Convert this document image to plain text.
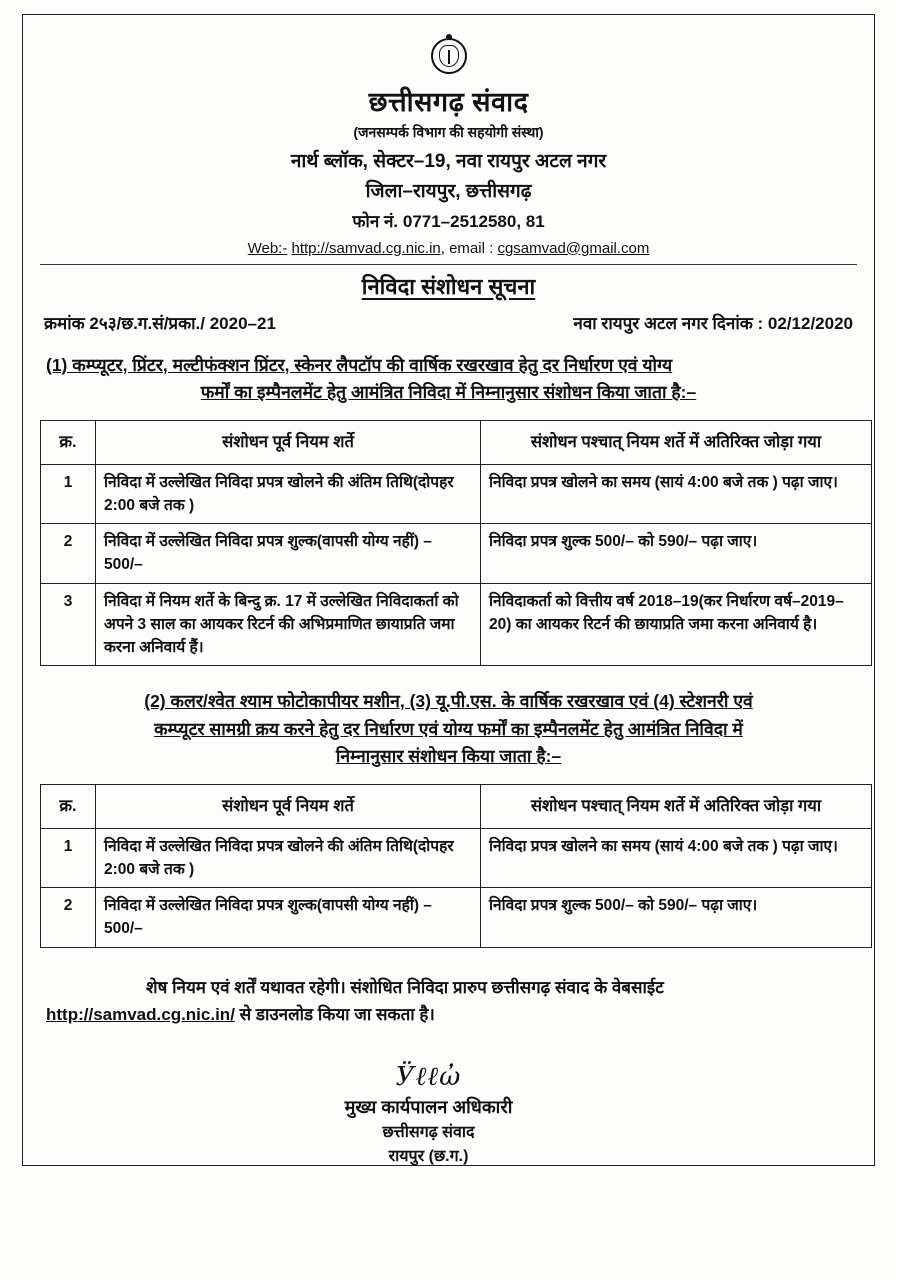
छत्तीसगढ़ संवाद
(जनसम्पर्क विभाग की सहयोगी संस्था)
नार्थ ब्लॉक, सेक्टर–19, नवा रायपुर अटल नगर
जिला–रायपुर, छत्तीसगढ़
फोन नं. 0771–2512580, 81
Web:- http://samvad.cg.nic.in, email : cgsamvad@gmail.com
निविदा संशोधन सूचना
क्रमांक 2५३/छ.ग.सं/प्रका./ 2020–21	नवा रायपुर अटल नगर दिनांक : 02/12/2020
(1) कम्प्यूटर, प्रिंटर, मल्टीफंक्शन प्रिंटर, स्केनर लैपटॉप की वार्षिक रखरखाव हेतु दर निर्धारण एवं योग्य
फर्मों का इम्पैनलमेंट हेतु आमंत्रित निविदा में निम्नानुसार संशोधन किया जाता है:–
क्र.	संशोधन पूर्व नियम शर्ते	संशोधन पश्चात् नियम शर्ते में अतिरिक्त जोड़ा गया
1	निविदा में उल्लेखित निविदा प्रपत्र खोलने की अंतिम तिथि(दोपहर 2:00 बजे तक )	निविदा प्रपत्र खोलने का समय (सायं 4:00 बजे तक ) पढ़ा जाए।
2	निविदा में उल्लेखित निविदा प्रपत्र शुल्क(वापसी योग्य नहीं) – 500/–	निविदा प्रपत्र शुल्क 500/– को 590/– पढ़ा जाए।
3	निविदा में नियम शर्ते के बिन्दु क्र. 17 में उल्लेखित निविदाकर्ता को अपने 3 साल का आयकर रिटर्न की अभिप्रमाणित छायाप्रति जमा करना अनिवार्य हैं।	निविदाकर्ता को वित्तीय वर्ष 2018–19(कर निर्धारण वर्ष–2019–20) का आयकर रिटर्न की छायाप्रति जमा करना अनिवार्य है।
(2) कलर/श्वेत श्याम फोटोकापीयर मशीन, (3) यू.पी.एस. के वार्षिक रखरखाव एवं (4) स्टेशनरी एवं
कम्प्यूटर सामग्री क्रय करने हेतु दर निर्धारण एवं योग्य फर्मों का इम्पैनलमेंट हेतु आमंत्रित निविदा में
निम्नानुसार संशोधन किया जाता है:–
क्र.	संशोधन पूर्व नियम शर्ते	संशोधन पश्चात् नियम शर्ते में अतिरिक्त जोड़ा गया
1	निविदा में उल्लेखित निविदा प्रपत्र खोलने की अंतिम तिथि(दोपहर 2:00 बजे तक )	निविदा प्रपत्र खोलने का समय (सायं 4:00 बजे तक ) पढ़ा जाए।
2	निविदा में उल्लेखित निविदा प्रपत्र शुल्क(वापसी योग्य नहीं) – 500/–	निविदा प्रपत्र शुल्क 500/– को 590/– पढ़ा जाए।
शेष नियम एवं शर्तें यथावत रहेगी। संशोधित निविदा प्रारुप छत्तीसगढ़ संवाद के वेबसाईट
http://samvad.cg.nic.in/ से डाउनलोड किया जा सकता है।
 Ӱℓℓὠ 
मुख्य कार्यपालन अधिकारी
छत्तीसगढ़ संवाद
रायपुर (छ.ग.)
